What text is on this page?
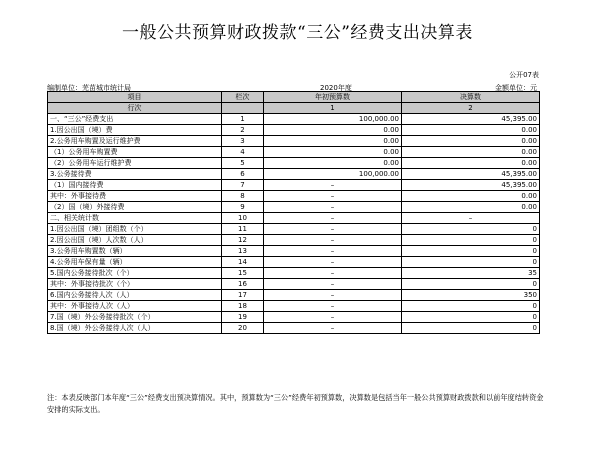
一般公共预算财政拨款“三公”经费支出决算表
公开07表
编制单位：芜苗城市统计局	2020年度	金额单位：元
项目	栏次	年初预算数	决算数
行次		1	2
一、“三公”经费支出	1	100,000.00	45,395.00
1.因公出国（境）费	2	0.00	0.00
2.公务用车购置及运行维护费	3	0.00	0.00
（1）公务用车购置费	4	0.00	0.00
（2）公务用车运行维护费	5	0.00	0.00
3.公务接待费	6	100,000.00	45,395.00
（1）国内接待费	7	–	45,395.00
其中：外事接待费	8	–	0.00
（2）国（境）外接待费	9	–	0.00
二、相关统计数	10	–	–
1.因公出国（境）团组数（个）	11	–	0
2.因公出国（境）人次数（人）	12	–	0
3.公务用车购置数（辆）	13	–	0
4.公务用车保有量（辆）	14	–	0
5.国内公务接待批次（个）	15	–	35
其中：外事接待批次（个）	16	–	0
6.国内公务接待人次（人）	17	–	350
其中：外事接待人次（人）	18	–	0
7.国（境）外公务接待批次（个）	19	–	0
8.国（境）外公务接待人次（人）	20	–	0
注：本表反映部门本年度“三公”经费支出预决算情况。其中，预算数为“三公”经费年初预算数，决算数是包括当年一般公共预算财政拨款和以前年度结转资金安排的实际支出。
